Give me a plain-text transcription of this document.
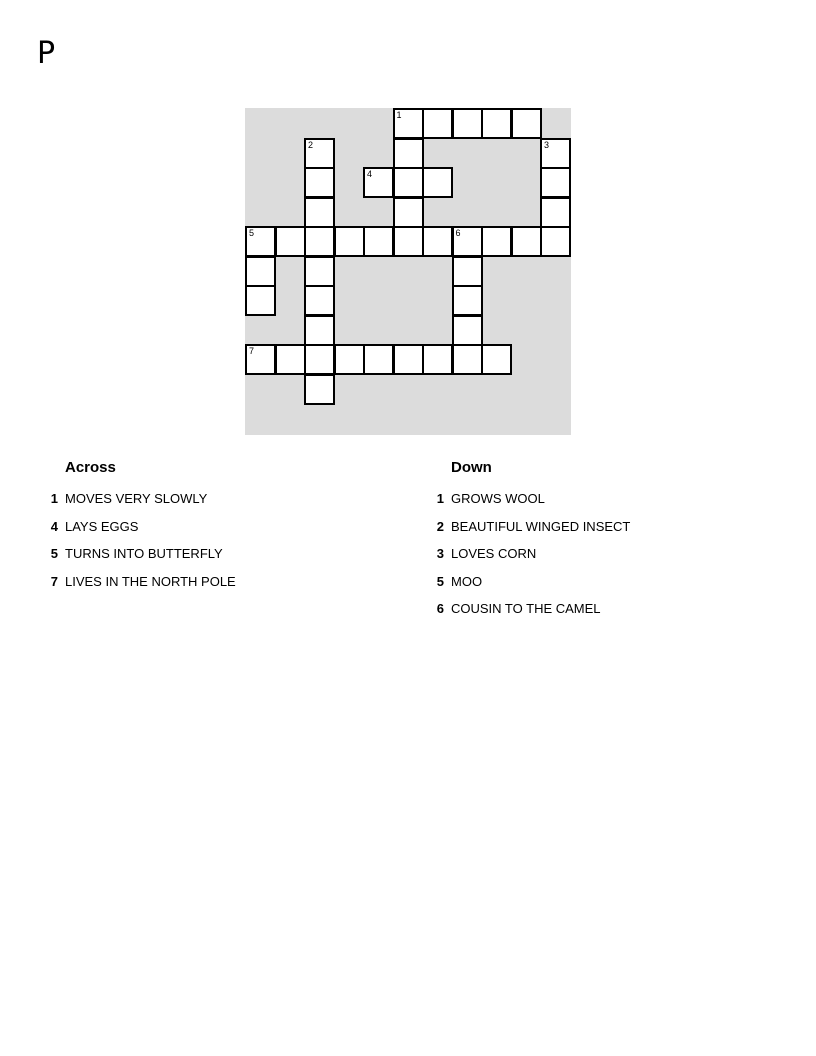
P
1
2	3
4
5	6
7
Across
1 MOVES VERY SLOWLY
4 LAYS EGGS
5 TURNS INTO BUTTERFLY
7 LIVES IN THE NORTH POLE
Down
1 GROWS WOOL
2 BEAUTIFUL WINGED INSECT
3 LOVES CORN
5 MOO
6 COUSIN TO THE CAMEL
